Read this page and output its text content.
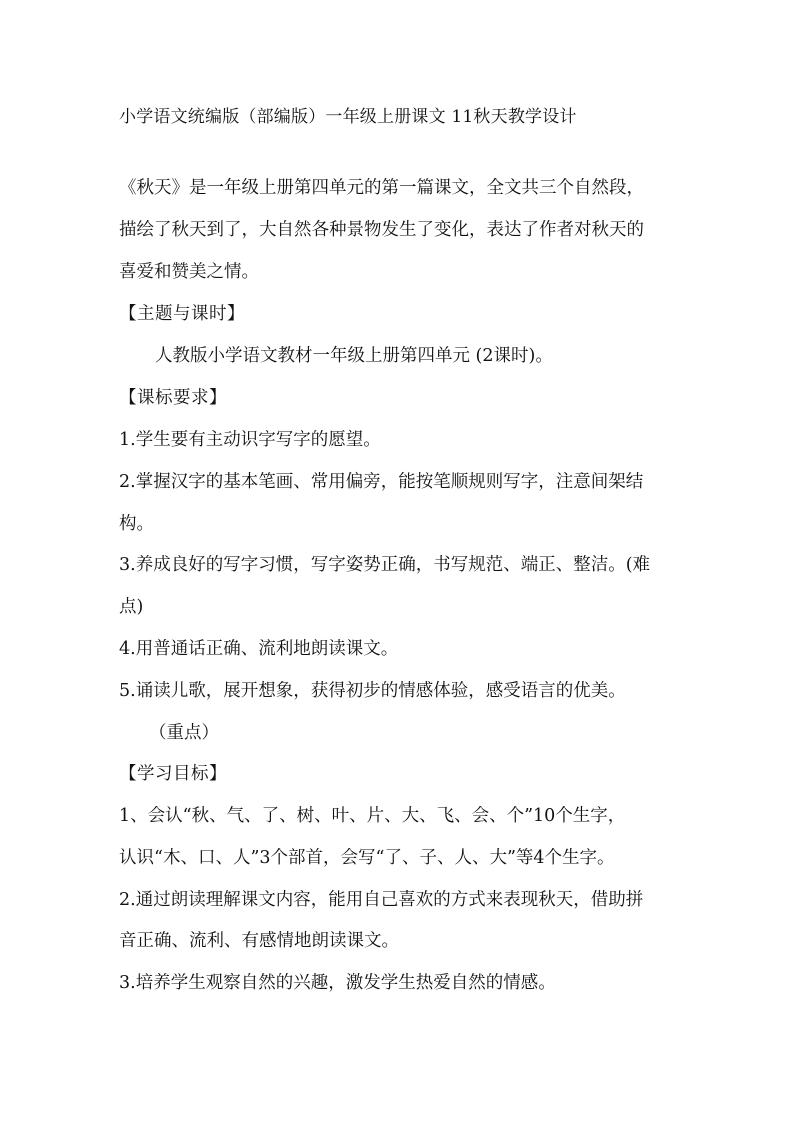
小学语文统编版（部编版）一年级上册课文 11秋天教学设计
《秋天》是一年级上册第四单元的第一篇课文，全文共三个自然段，
描绘了秋天到了，大自然各种景物发生了变化，表达了作者对秋天的
喜爱和赞美之情。
【主题与课时】
人教版小学语文教材一年级上册第四单元 (2课时)。
【课标要求】
1.学生要有主动识字写字的愿望。
2.掌握汉字的基本笔画、常用偏旁，能按笔顺规则写字，注意间架结
构。
3.养成良好的写字习惯，写字姿势正确，书写规范、端正、整洁。(难
点)
4.用普通话正确、流利地朗读课文。
5.诵读儿歌，展开想象，获得初步的情感体验，感受语言的优美。
（重点）
【学习目标】
1、会认“秋、气、了、树、叶、片、大、飞、会、个”10个生字，
认识“木、口、人”3个部首，会写“了、子、人、大”等4个生字。
2.通过朗读理解课文内容，能用自己喜欢的方式来表现秋天，借助拼
音正确、流利、有感情地朗读课文。
3.培养学生观察自然的兴趣，激发学生热爱自然的情感。
